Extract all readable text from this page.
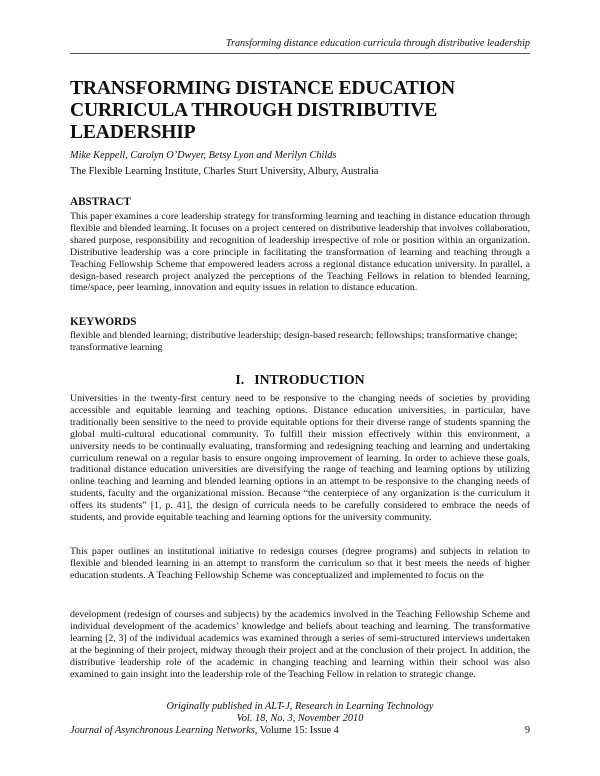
Transforming distance education curricula through distributive leadership
TRANSFORMING DISTANCE EDUCATION
CURRICULA THROUGH DISTRIBUTIVE
LEADERSHIP
Mike Keppell, Carolyn O’Dwyer, Betsy Lyon and Merilyn Childs
The Flexible Learning Institute, Charles Sturt University, Albury, Australia
ABSTRACT
This paper examines a core leadership strategy for transforming learning and teaching in distance education through flexible and blended learning. It focuses on a project centered on distributive leadership that involves collaboration, shared purpose, responsibility and recognition of leadership irrespective of role or position within an organization. Distributive leadership was a core principle in facilitating the transformation of learning and teaching through a Teaching Fellowship Scheme that empowered leaders across a regional distance education university. In parallel, a design-based research project analyzed the perceptions of the Teaching Fellows in relation to blended learning, time/space, peer learning, innovation and equity issues in relation to distance education.
KEYWORDS
flexible and blended learning; distributive leadership; design-based research; fellowships; transformative change; transformative learning
I. INTRODUCTION
Universities in the twenty-first century need to be responsive to the changing needs of societies by providing accessible and equitable learning and teaching options. Distance education universities, in particular, have traditionally been sensitive to the need to provide equitable options for their diverse range of students spanning the global multi-cultural educational community. To fulfill their mission effectively within this environment, a university needs to be continually evaluating, transforming and redesigning teaching and learning and undertaking curriculum renewal on a regular basis to ensure ongoing improvement of learning. In order to achieve these goals, traditional distance education universities are diversifying the range of teaching and learning options by utilizing online teaching and learning and blended learning options in an attempt to be responsive to the changing needs of students, faculty and the organizational mission. Because “the centerpiece of any organization is the curriculum it offers its students” [1, p. 41], the design of curricula needs to be carefully considered to embrace the needs of students, and provide equitable teaching and learning options for the university community.
This paper outlines an institutional initiative to redesign courses (degree programs) and subjects in relation to flexible and blended learning in an attempt to transform the curriculum so that it best meets the needs of higher education students. A Teaching Fellowship Scheme was conceptualized and implemented to focus on the
development (redesign of courses and subjects) by the academics involved in the Teaching Fellowship Scheme and individual development of the academics’ knowledge and beliefs about teaching and learning. The transformative learning [2, 3] of the individual academics was examined through a series of semi-structured interviews undertaken at the beginning of their project, midway through their project and at the conclusion of their project. In addition, the distributive leadership role of the academic in changing teaching and learning within their school was also examined to gain insight into the leadership role of the Teaching Fellow in relation to strategic change.
Originally published in ALT-J, Research in Learning Technology
Vol. 18, No. 3, November 2010
Journal of Asynchronous Learning Networks, Volume 15: Issue 4	9
